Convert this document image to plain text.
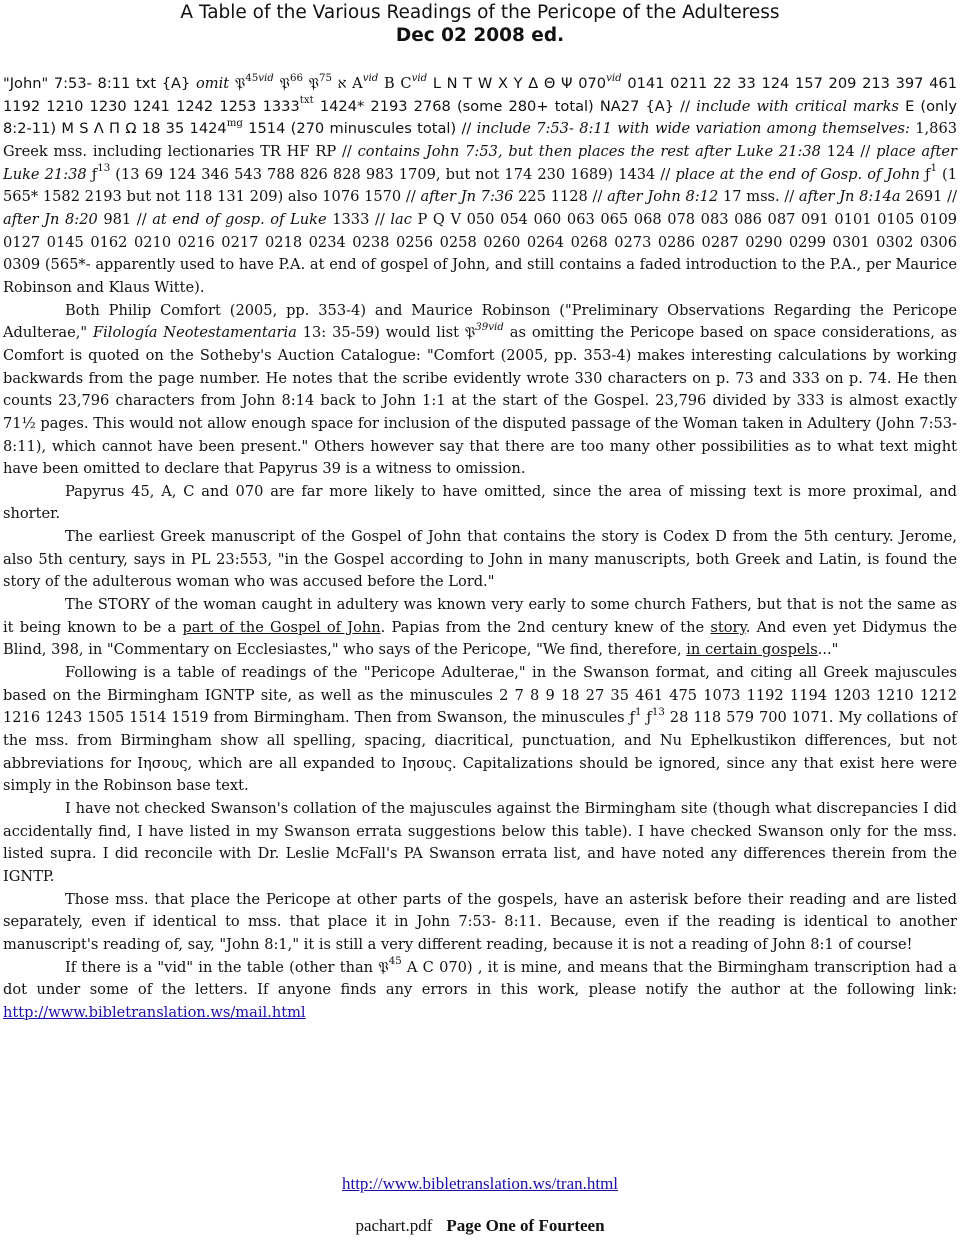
A Table of the Various Readings of the Pericope of the Adulteress
Dec 02 2008 ed.

"John" 7:53- 8:11 txt {A} omit 𝔓$^{45vid}$ 𝔓$^{66}$ 𝔓$^{75}$ א $A^{vid}$ B $C^{vid}$ L N T W X Y Δ Θ Ψ $070^{vid}$ 0141 0211 22 33 124 157 209 213 397 461 1192 1210 1230 1241 1242 1253 $1333^{txt}$ 1424* 2193 2768 (some 280+ total) NA27 {A} // include with critical marks E (only 8:2-11) M S Λ Π Ω 18 35 $1424^{mg}$ 1514 (270 minuscules total) // include 7:53- 8:11 with wide variation among themselves: 1,863 Greek mss. including lectionaries TR HF RP // contains John 7:53, but then places the rest after Luke 21:38 124 // place after Luke 21:38 $ƒ^{13}$ (13 69 124 346 543 788 826 828 983 1709, but not 174 230 1689) 1434 // place at the end of Gosp. of John $ƒ^1$ (1 565* 1582 2193 but not 118 131 209) also 1076 1570 // after Jn 7:36 225 1128 // after John 8:12 17 mss. // after Jn 8:14a 2691 // after Jn 8:20 981 // at end of gosp. of Luke 1333 // lac P Q V 050 054 060 063 065 068 078 083 086 087 091 0101 0105 0109 0127 0145 0162 0210 0216 0217 0218 0234 0238 0256 0258 0260 0264 0268 0273 0286 0287 0290 0299 0301 0302 0306 0309 (565*- apparently used to have P.A. at end of gospel of John, and still contains a faded introduction to the P.A., per Maurice Robinson and Klaus Witte).

Both Philip Comfort (2005, pp. 353-4) and Maurice Robinson ("Preliminary Observations Regarding the Pericope Adulterae," Filología Neotestamentaria 13: 35-59) would list 𝔓$^{39vid}$ as omitting the Pericope based on space considerations, as Comfort is quoted on the Sotheby's Auction Catalogue: "Comfort (2005, pp. 353-4) makes interesting calculations by working backwards from the page number. He notes that the scribe evidently wrote 330 characters on p. 73 and 333 on p. 74. He then counts 23,796 characters from John 8:14 back to John 1:1 at the start of the Gospel. 23,796 divided by 333 is almost exactly 71½ pages. This would not allow enough space for inclusion of the disputed passage of the Woman taken in Adultery (John 7:53-8:11), which cannot have been present." Others however say that there are too many other possibilities as to what text might have been omitted to declare that Papyrus 39 is a witness to omission.

Papyrus 45, A, C and 070 are far more likely to have omitted, since the area of missing text is more proximal, and shorter.

The earliest Greek manuscript of the Gospel of John that contains the story is Codex D from the 5th century. Jerome, also 5th century, says in PL 23:553, "in the Gospel according to John in many manuscripts, both Greek and Latin, is found the story of the adulterous woman who was accused before the Lord."

The STORY of the woman caught in adultery was known very early to some church Fathers, but that is not the same as it being known to be a part of the Gospel of John. Papias from the 2nd century knew of the story. And even yet Didymus the Blind, 398, in "Commentary on Ecclesiastes," who says of the Pericope, "We find, therefore, in certain gospels..."

Following is a table of readings of the "Pericope Adulterae," in the Swanson format, and citing all Greek majuscules based on the Birmingham IGNTP site, as well as the minuscules 2 7 8 9 18 27 35 461 475 1073 1192 1194 1203 1210 1212 1216 1243 1505 1514 1519 from Birmingham. Then from Swanson, the minuscules $ƒ^1$ $ƒ^{13}$ 28 118 579 700 1071. My collations of the mss. from Birmingham show all spelling, spacing, diacritical, punctuation, and Nu Ephelkustikon differences, but not abbreviations for Ιησους, which are all expanded to Ιησους. Capitalizations should be ignored, since any that exist here were simply in the Robinson base text.

I have not checked Swanson's collation of the majuscules against the Birmingham site (though what discrepancies I did accidentally find, I have listed in my Swanson errata suggestions below this table). I have checked Swanson only for the mss. listed supra. I did reconcile with Dr. Leslie McFall's PA Swanson errata list, and have noted any differences therein from the IGNTP.

Those mss. that place the Pericope at other parts of the gospels, have an asterisk before their reading and are listed separately, even if identical to mss. that place it in John 7:53- 8:11. Because, even if the reading is identical to another manuscript's reading of, say, "John 8:1," it is still a very different reading, because it is not a reading of John 8:1 of course!

If there is a "vid" in the table (other than 𝔓$^{45}$ A C 070) , it is mine, and means that the Birmingham transcription had a dot under some of the letters. If anyone finds any errors in this work, please notify the author at the following link: http://www.bibletranslation.ws/mail.html

http://www.bibletranslation.ws/tran.html
pachart.pdf Page One of Fourteen
